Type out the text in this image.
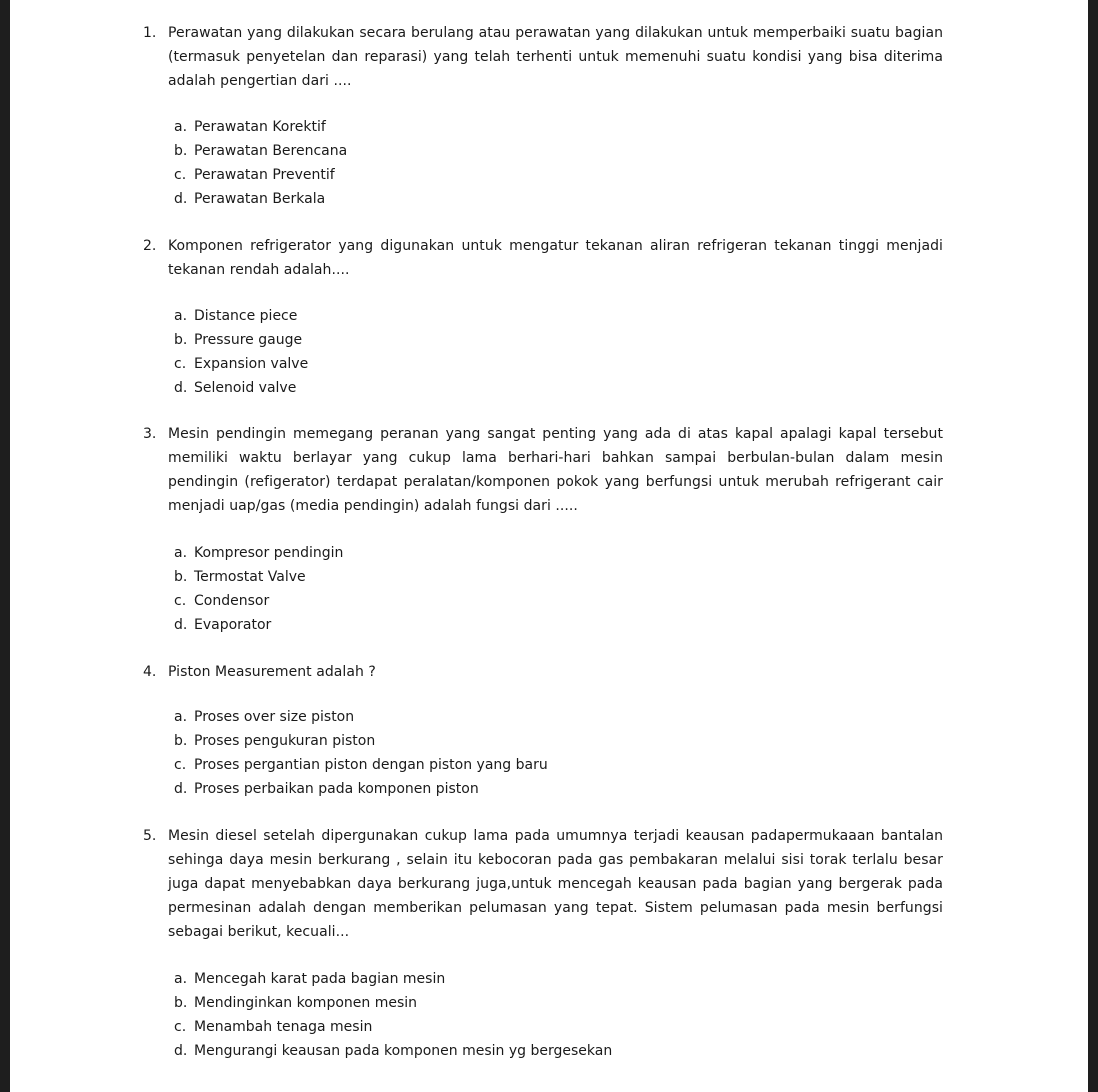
1. Perawatan yang dilakukan secara berulang atau perawatan yang dilakukan untuk memperbaiki suatu bagian (termasuk penyetelan dan reparasi) yang telah terhenti untuk memenuhi suatu kondisi yang bisa diterima adalah pengertian dari ....
a. Perawatan Korektif
b. Perawatan Berencana
c. Perawatan Preventif
d. Perawatan Berkala
2. Komponen refrigerator yang digunakan untuk mengatur tekanan aliran refrigeran tekanan tinggi menjadi tekanan rendah adalah....
a. Distance piece
b. Pressure gauge
c. Expansion valve
d. Selenoid valve
3. Mesin pendingin memegang peranan yang sangat penting yang ada di atas kapal apalagi kapal tersebut memiliki waktu berlayar yang cukup lama berhari-hari bahkan sampai berbulan-bulan dalam mesin pendingin (refigerator) terdapat peralatan/komponen pokok yang berfungsi untuk merubah refrigerant cair menjadi uap/gas (media pendingin) adalah fungsi dari .....
a. Kompresor pendingin
b. Termostat Valve
c. Condensor
d. Evaporator
4. Piston Measurement adalah ?
a. Proses over size piston
b. Proses pengukuran piston
c. Proses pergantian piston dengan piston yang baru
d. Proses perbaikan pada komponen piston
5. Mesin diesel setelah dipergunakan cukup lama pada umumnya terjadi keausan padapermukaaan bantalan sehinga daya mesin berkurang , selain itu kebocoran pada gas pembakaran melalui sisi torak terlalu besar juga dapat menyebabkan daya berkurang juga,untuk mencegah keausan pada bagian yang bergerak pada permesinan adalah dengan memberikan pelumasan yang tepat. Sistem pelumasan pada mesin berfungsi sebagai berikut, kecuali...
a. Mencegah karat pada bagian mesin
b. Mendinginkan komponen mesin
c. Menambah tenaga mesin
d. Mengurangi keausan pada komponen mesin yg bergesekan
